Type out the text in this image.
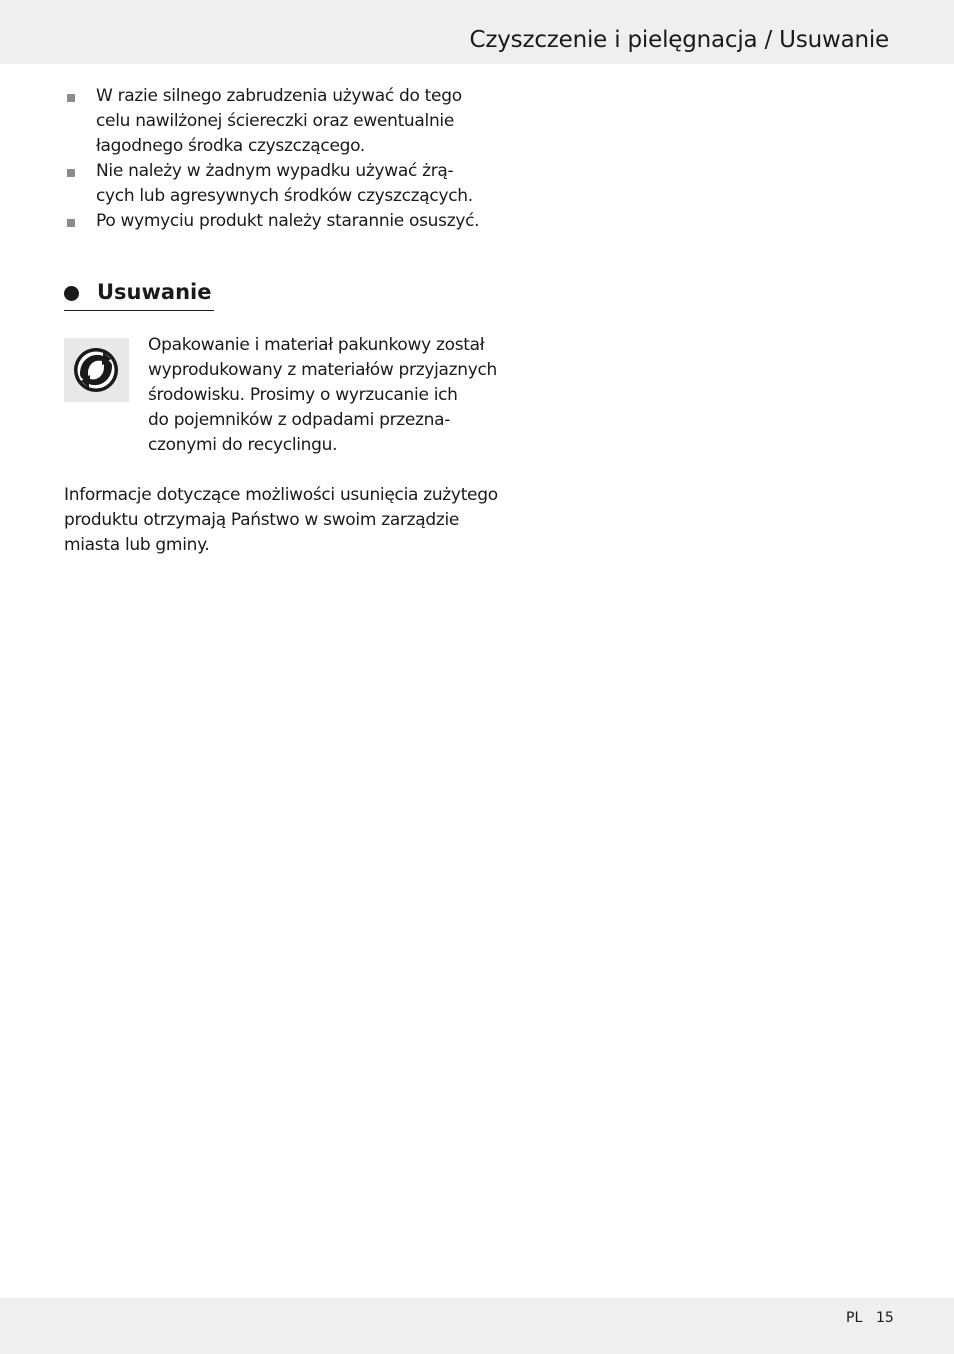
Czyszczenie i pielęgnacja / Usuwanie
W razie silnego zabrudzenia używać do tego
celu nawilżonej ściereczki oraz ewentualnie
łagodnego środka czyszczącego.
Nie należy w żadnym wypadku używać żrą-
cych lub agresywnych środków czyszczących.
Po wymyciu produkt należy starannie osuszyć.
Usuwanie

Opakowanie i materiał pakunkowy został
wyprodukowany z materiałów przyjaznych
środowisku. Prosimy o wyrzucanie ich
do pojemników z odpadami przezna-
czonymi do recyclingu.

Informacje dotyczące możliwości usunięcia zużytego
produktu otrzymają Państwo w swoim zarządzie
miasta lub gminy.

PL 15
